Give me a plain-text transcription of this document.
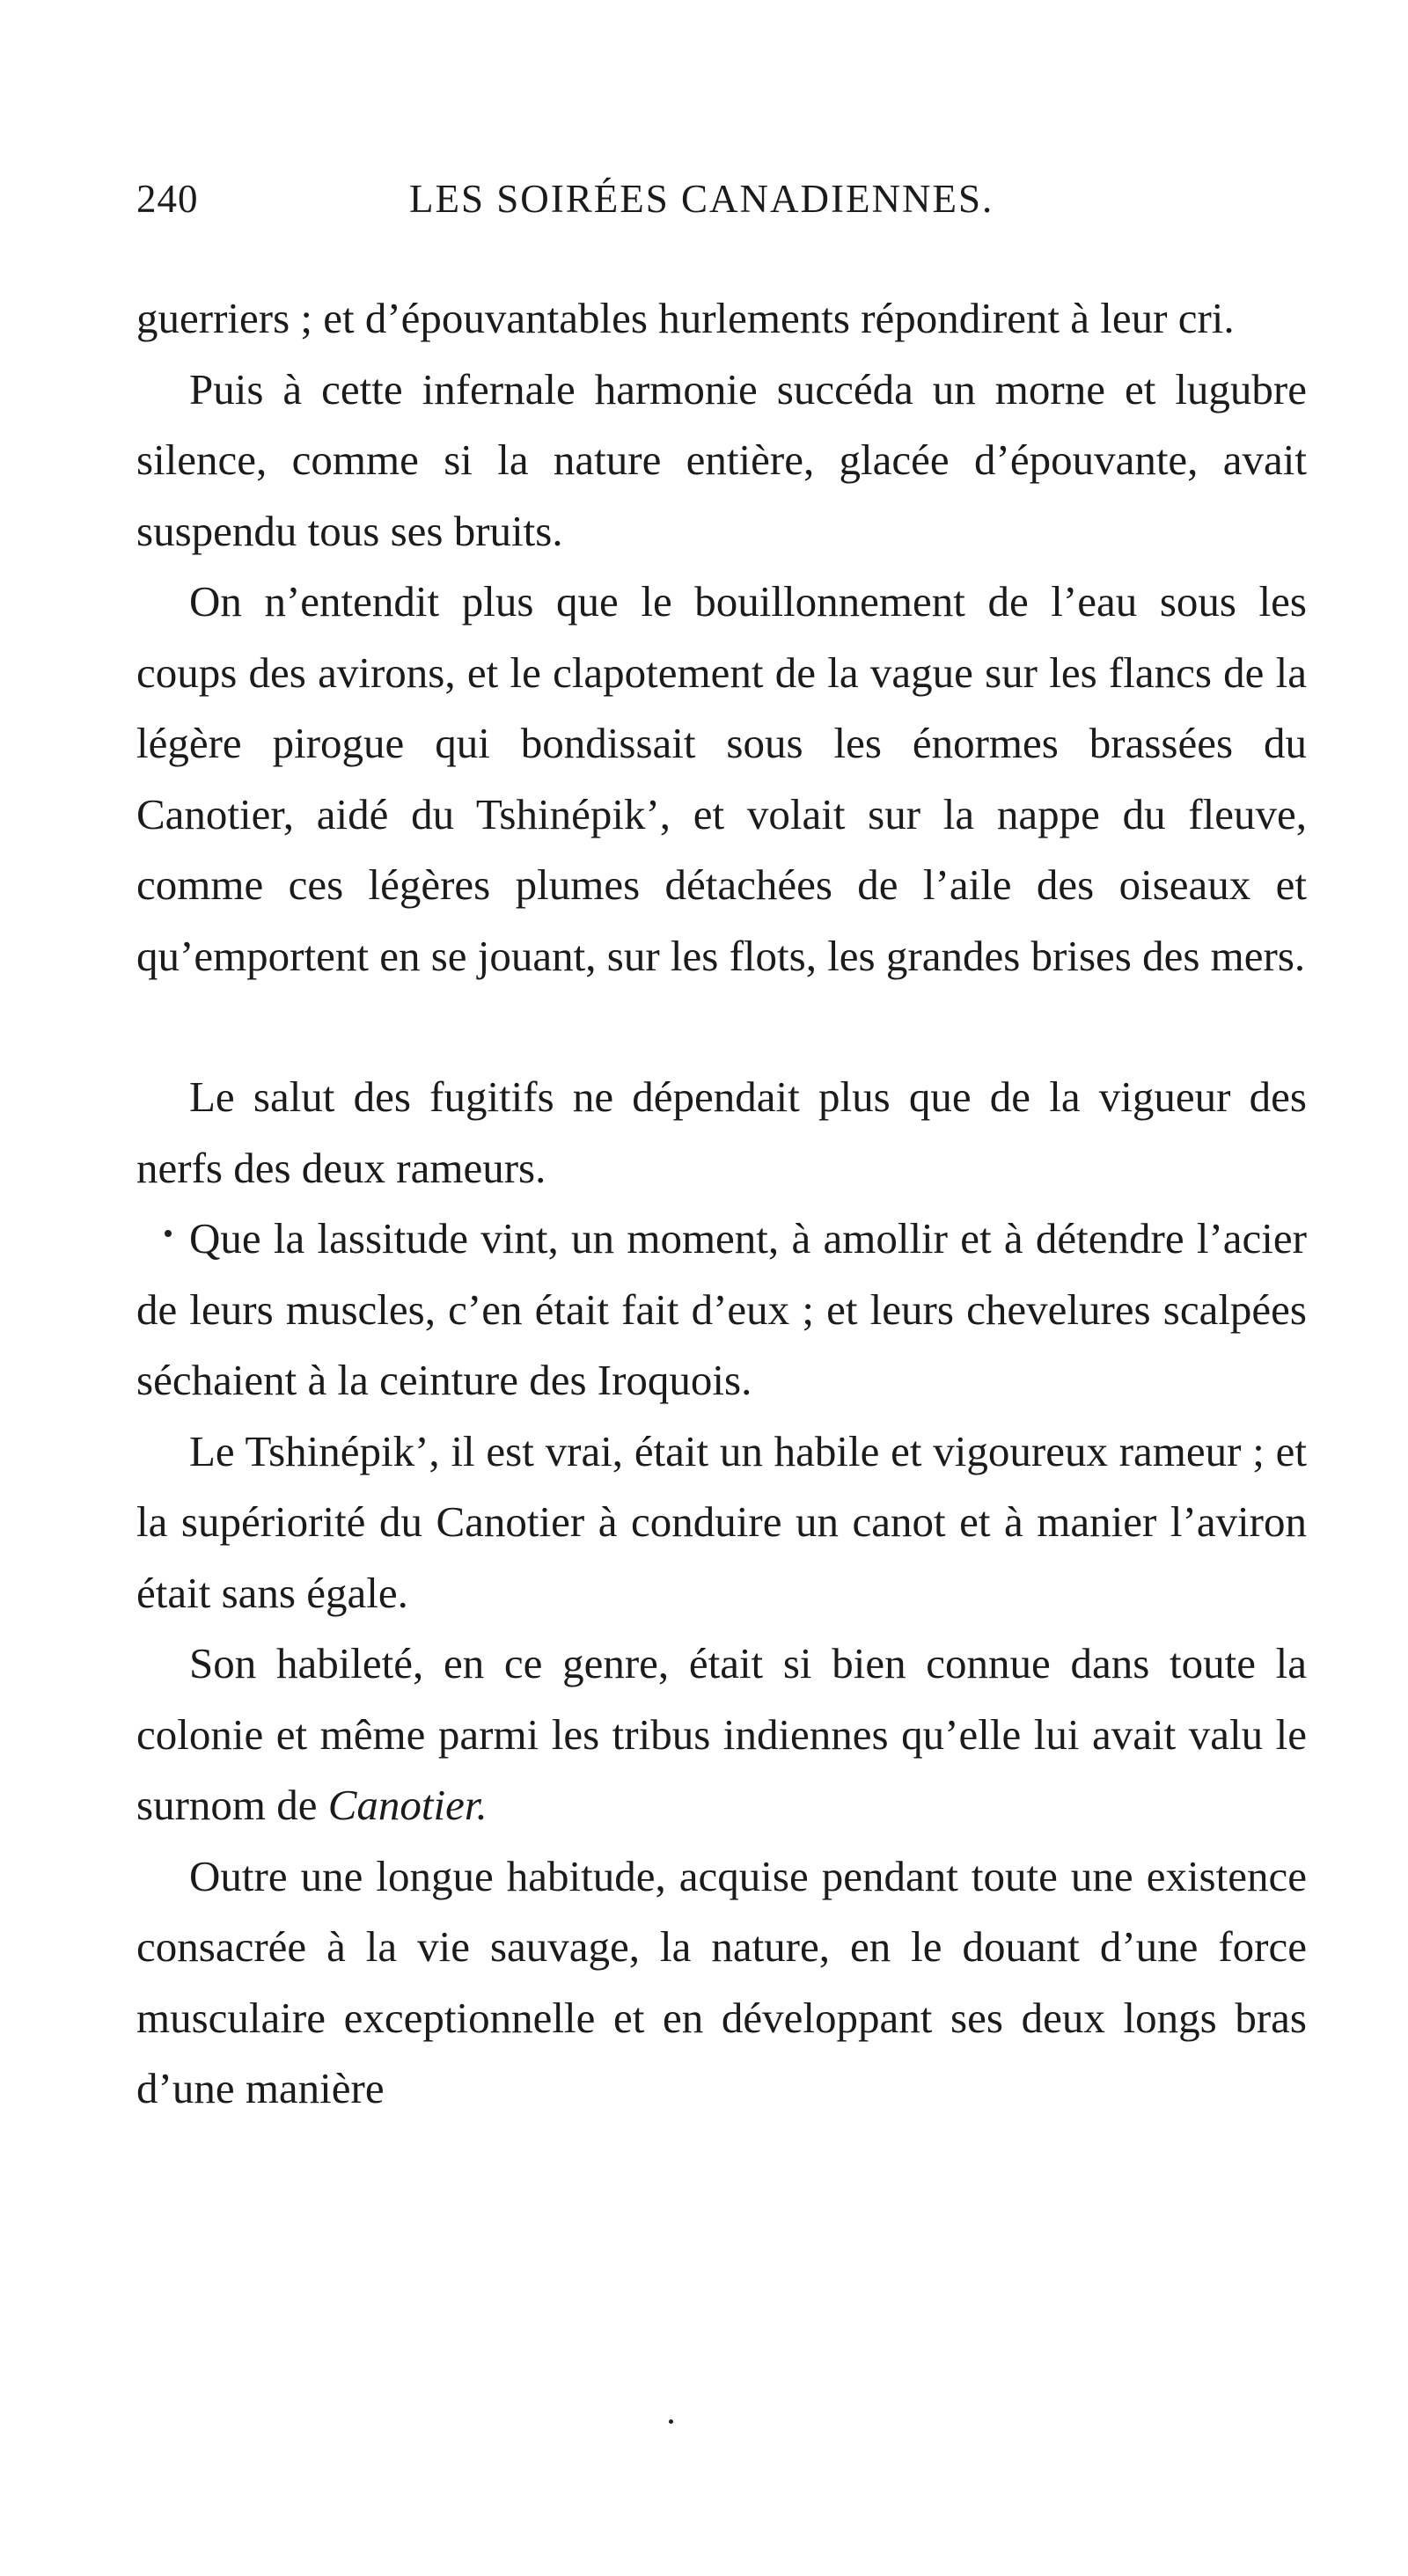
240	LES SOIRÉES CANADIENNES.

guerriers ; et d’épouvantables hurlements répondirent à leur cri.

Puis à cette infernale harmonie succéda un morne et lugubre silence, comme si la nature entière, glacée d’épouvante, avait suspendu tous ses bruits.

On n’entendit plus que le bouillonnement de l’eau sous les coups des avirons, et le clapotement de la vague sur les flancs de la légère pirogue qui bondissait sous les énormes brassées du Canotier, aidé du Tshinépik’, et volait sur la nappe du fleuve, comme ces légères plumes détachées de l’aile des oiseaux et qu’emportent en se jouant, sur les flots, les grandes brises des mers.

Le salut des fugitifs ne dépendait plus que de la vigueur des nerfs des deux rameurs.

Que la lassitude vint, un moment, à amollir et à détendre l’acier de leurs muscles, c’en était fait d’eux ; et leurs chevelures scalpées séchaient à la ceinture des Iroquois.

Le Tshinépik’, il est vrai, était un habile et vigoureux rameur ; et la supériorité du Canotier à conduire un canot et à manier l’aviron était sans égale.

Son habileté, en ce genre, était si bien connue dans toute la colonie et même parmi les tribus indiennes qu’elle lui avait valu le surnom de Canotier.

Outre une longue habitude, acquise pendant toute une existence consacrée à la vie sauvage, la nature, en le douant d’une force musculaire exceptionnelle et en développant ses deux longs bras d’une manière
